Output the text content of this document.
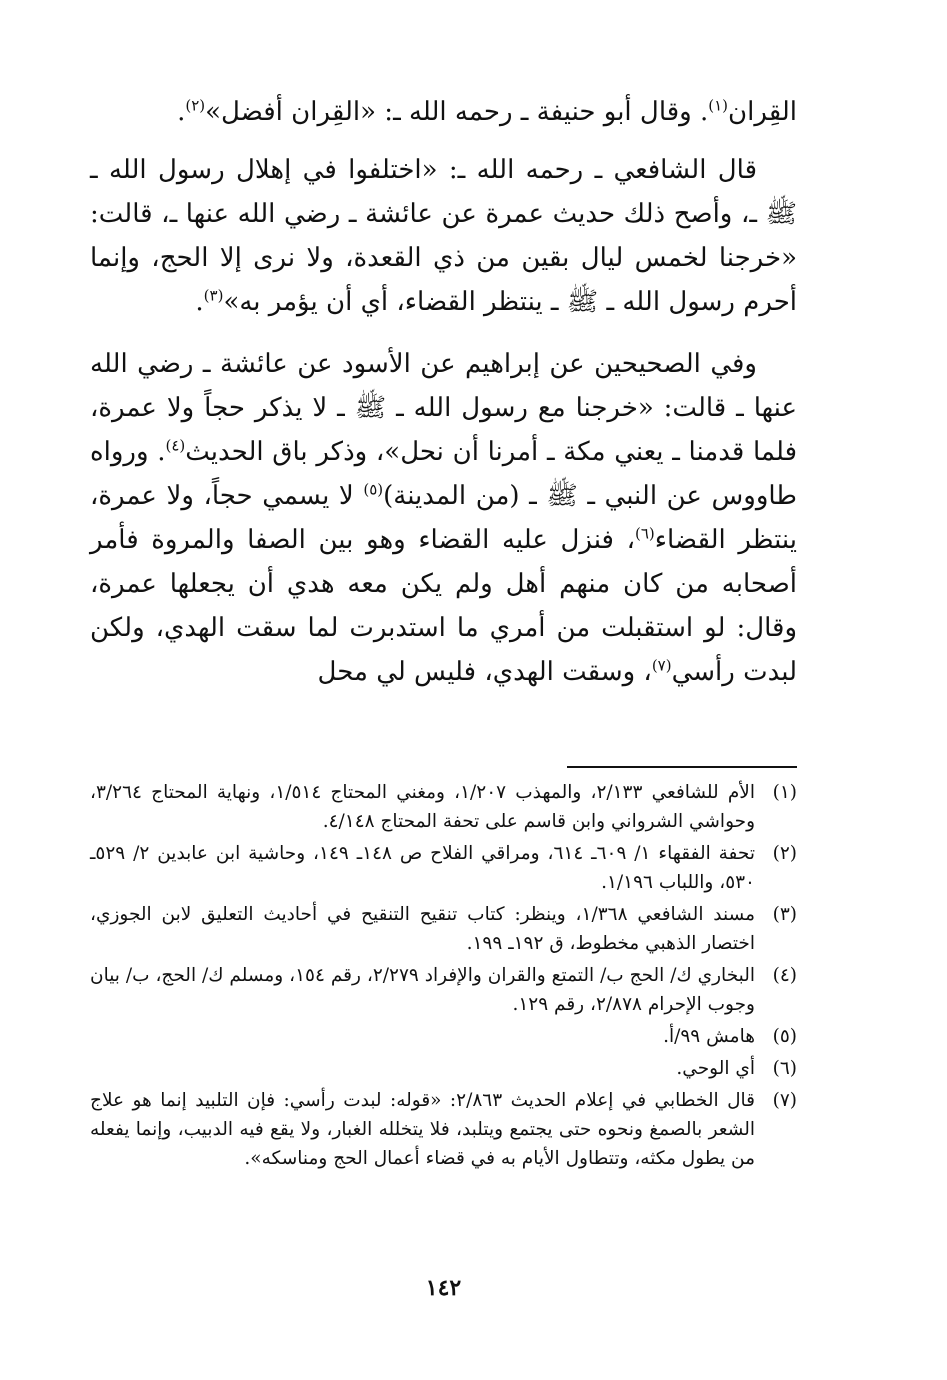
القِران$^{(١)}$. وقال أبو حنيفة ـ رحمه الله ـ: «القِران أفضل»$^{(٢)}$.

قال الشافعي ـ رحمه الله ـ: «اختلفوا في إهلال رسول الله ـ ﷺ ـ، وأصح ذلك حديث عمرة عن عائشة ـ رضي الله عنها ـ، قالت: «خرجنا لخمس ليال بقين من ذي القعدة، ولا نرى إلا الحج، وإنما أحرم رسول الله ـ ﷺ ـ ينتظر القضاء، أي أن يؤمر به»$^{(٣)}$.

وفي الصحيحين عن إبراهيم عن الأسود عن عائشة ـ رضي الله عنها ـ قالت: «خرجنا مع رسول الله ـ ﷺ ـ لا يذكر حجاً ولا عمرة، فلما قدمنا ـ يعني مكة ـ أمرنا أن نحل»، وذكر باق الحديث$^{(٤)}$. ورواه طاووس عن النبي ـ ﷺ ـ (من المدينة)$^{(٥)}$ لا يسمي حجاً، ولا عمرة، ينتظر القضاء$^{(٦)}$، فنزل عليه القضاء وهو بين الصفا والمروة فأمر أصحابه من كان منهم أهل ولم يكن معه هدي أن يجعلها عمرة، وقال: لو استقبلت من أمري ما استدبرت لما سقت الهدي، ولكن لبدت رأسي$^{(٧)}$، وسقت الهدي، فليس لي محل

(١)
الأم للشافعي ٢/١٣٣، والمهذب ١/٢٠٧، ومغني المحتاج ١/٥١٤، ونهاية المحتاج ٣/٢٦٤، وحواشي الشرواني وابن قاسم على تحفة المحتاج ٤/١٤٨.
(٢)
تحفة الفقهاء ١/ ٦٠٩ـ ٦١٤، ومراقي الفلاح ص ١٤٨ـ ١٤٩، وحاشية ابن عابدين ٢/ ٥٢٩ـ ٥٣٠، واللباب ١/١٩٦.
(٣)
مسند الشافعي ١/٣٦٨، وينظر: كتاب تنقيح التنقيح في أحاديث التعليق لابن الجوزي، اختصار الذهبي مخطوط، ق ١٩٢ـ ١٩٩.
(٤)
البخاري ك/ الحج ب/ التمتع والقران والإفراد ٢/٢٧٩، رقم ١٥٤، ومسلم ك/ الحج، ب/ بيان وجوب الإحرام ٢/٨٧٨، رقم ١٢٩.
(٥)
هامش ٩٩/أ.
(٦)
أي الوحي.
(٧)
قال الخطابي في إعلام الحديث ٢/٨٦٣: «قوله: لبدت رأسي: فإن التلبيد إنما هو علاج الشعر بالصمغ ونحوه حتى يجتمع ويتلبد، فلا يتخلله الغبار، ولا يقع فيه الدبيب، وإنما يفعله من يطول مكثه، وتتطاول الأيام به في قضاء أعمال الحج ومناسكه».
١٤٢
